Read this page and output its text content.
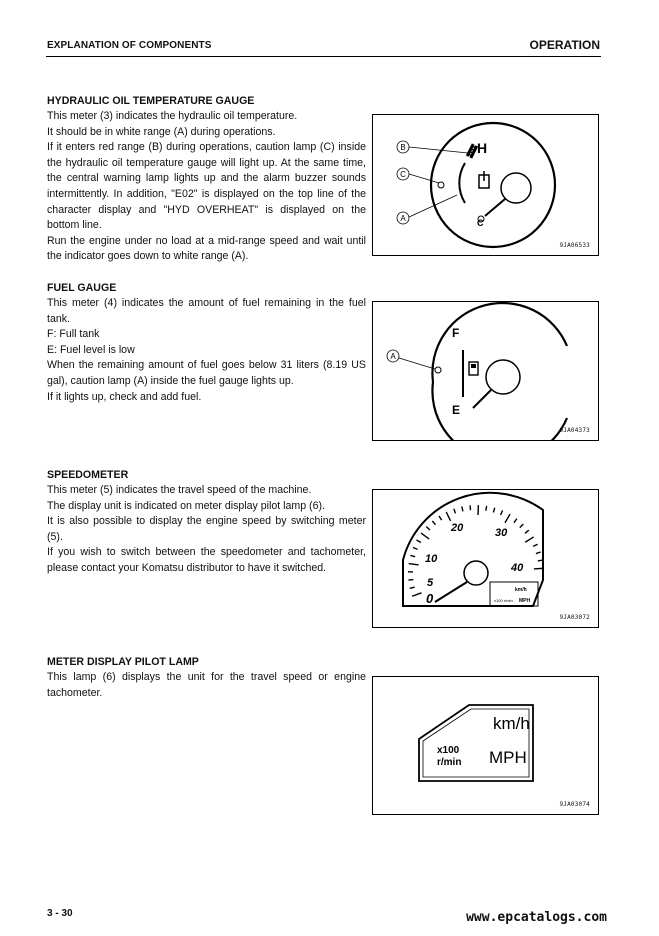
EXPLANATION OF COMPONENTS	OPERATION
HYDRAULIC OIL TEMPERATURE GAUGE

This meter (3) indicates the hydraulic oil temperature.

It should be in white range (A) during operations.

If it enters red range (B) during operations, caution lamp (C) inside the hydraulic oil temperature gauge will light up. At the same time, the central warning lamp lights up and the alarm buzzer sounds intermittently. In addition, "E02" is displayed on the top line of the character display and "HYD OVERHEAT" is displayed on the bottom line.

Run the engine under no load at a mid-range speed and wait until the indicator goes down to white range (A).

B
C
A
H
C
9JA06533
FUEL GAUGE

This meter (4) indicates the amount of fuel remaining in the fuel tank.

F: Full tank

E: Fuel level is low

When the remaining amount of fuel goes below 31 liters (8.19 US gal), caution lamp (A) inside the fuel gauge lights up.

If it lights up, check and add fuel.

A
F
E
9JA04373
SPEEDOMETER

This meter (5) indicates the travel speed of the machine.

The display unit is indicated on meter display pilot lamp (6).

It is also possible to display the engine speed by switching meter (5).

If you wish to switch between the speedometer and tachometer, please contact your Komatsu distributor to have it switched.

0
5
10
20	30
40
km/h
x100 r/min MPH
9JA03072
METER DISPLAY PILOT LAMP

This lamp (6) displays the unit for the travel speed or engine tachometer.

km/h
x100
r/min MPH
9JA03074
3 - 30	www.epcatalogs.com
